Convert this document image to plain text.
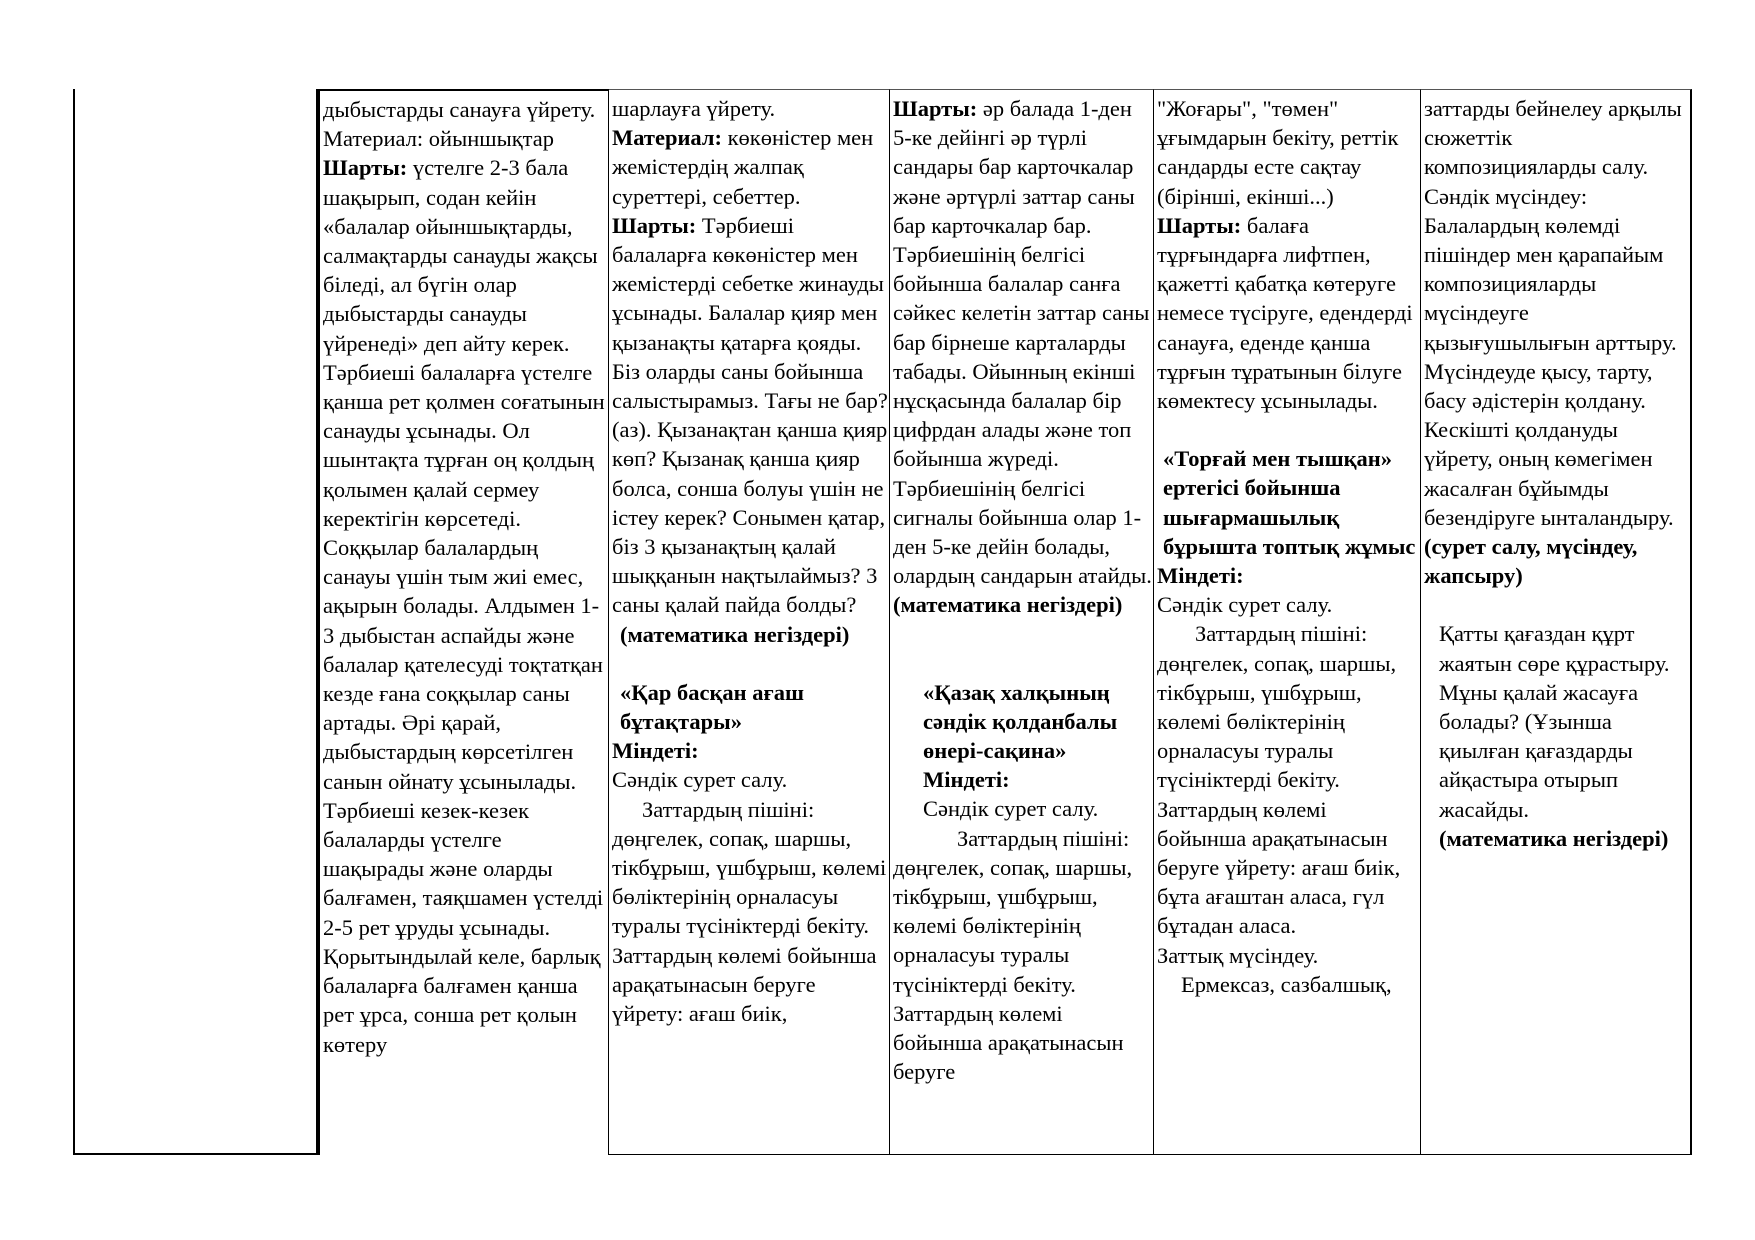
дыбыстарды санауға үйрету.

Материал: ойыншықтар

Шарты: үстелге 2-3 бала шақырып, содан кейін «балалар ойыншықтарды, салмақтарды санауды жақсы біледі, ал бүгін олар дыбыстарды санауды үйренеді» деп айту керек. Тәрбиеші балаларға үстелге қанша рет қолмен соғатынын санауды ұсынады. Ол шынтақта тұрған оң қолдың қолымен қалай сермеу керектігін көрсетеді. Соққылар балалардың санауы үшін тым жиі емес, ақырын болады. Алдымен 1-3 дыбыстан аспайды және балалар қателесуді тоқтатқан кезде ғана соққылар саны артады. Әрі қарай, дыбыстардың көрсетілген санын ойнату ұсынылады. Тәрбиеші кезек-кезек балаларды үстелге шақырады және оларды балғамен, таяқшамен үстелді 2-5 рет ұруды ұсынады. Қорытындылай келе, барлық балаларға балғамен қанша рет ұрса, сонша рет қолын көтеру

шарлауға үйрету.

Материал: көкөністер мен жемістердің жалпақ суреттері, себеттер.

Шарты: Тәрбиеші балаларға көкөністер мен жемістерді себетке жинауды ұсынады. Балалар қияр мен қызанақты қатарға қояды. Біз оларды саны бойынша салыстырамыз. Тағы не бар? (аз). Қызанақтан қанша қияр көп? Қызанақ қанша қияр болса, сонша болуы үшін не істеу керек? Сонымен қатар, біз 3 қызанақтың қалай шыққанын нақтылаймыз? 3 саны қалай пайда болды?

(математика негіздері)

«Қар басқан ағаш бұтақтары»

Міндеті:

Сәндік сурет салу.

Заттардың пішіні: дөңгелек, сопақ, шаршы, тікбұрыш, үшбұрыш, көлемі бөліктерінің орналасуы туралы түсініктерді бекіту.

Заттардың көлемі бойынша арақатынасын беруге үйрету: ағаш биік,

Шарты: әр балада 1-ден 5-ке дейінгі әр түрлі сандары бар карточкалар және әртүрлі заттар саны бар карточкалар бар. Тәрбиешінің белгісі бойынша балалар санға сәйкес келетін заттар саны бар бірнеше карталарды табады. Ойынның екінші нұсқасында балалар бір цифрдан алады және топ бойынша жүреді. Тәрбиешінің белгісі сигналы бойынша олар 1-ден 5-ке дейін болады, олардың сандарын атайды.

(математика негіздері)

«Қазақ халқының сәндік қолданбалы өнері-сақина»

Міндеті:

Сәндік сурет салу.

Заттардың пішіні: дөңгелек, сопақ, шаршы, тікбұрыш, үшбұрыш, көлемі бөліктерінің орналасуы туралы түсініктерді бекіту. Заттардың көлемі бойынша арақатынасын беруге

"Жоғары", "төмен" ұғымдарын бекіту, реттік сандарды есте сақтау (бірінші, екінші...)

Шарты: балаға тұрғындарға лифтпен, қажетті қабатқа көтеруге немесе түсіруге, едендерді санауға, еденде қанша тұрғын тұратынын білуге көмектесу ұсынылады.

«Торғай мен тышқан» ертегісі бойынша шығармашылық бұрышта топтық жұмыс

Міндеті:

Сәндік сурет салу.

Заттардың пішіні: дөңгелек, сопақ, шаршы, тікбұрыш, үшбұрыш, көлемі бөліктерінің орналасуы туралы түсініктерді бекіту. Заттардың көлемі бойынша арақатынасын беруге үйрету: ағаш биік, бұта ағаштан аласа, гүл бұтадан аласа.

Заттық мүсіндеу.

Ермексаз, сазбалшық,

заттарды бейнелеу арқылы сюжеттік композицияларды салу.

Сәндік мүсіндеу: Балалардың көлемді пішіндер мен қарапайым композицияларды мүсіндеуге қызығушылығын арттыру. Мүсіндеуде қысу, тарту, басу әдістерін қолдану. Кескішті қолдануды үйрету, оның көмегімен жасалған бұйымды безендіруге ынталандыру.

(сурет салу, мүсіндеу, жапсыру)

Қатты қағаздан құрт жаятын сөре құрастыру. Мұны қалай жасауға болады? (Ұзынша қиылған қағаздарды айқастыра отырып жасайды.

(математика негіздері)
